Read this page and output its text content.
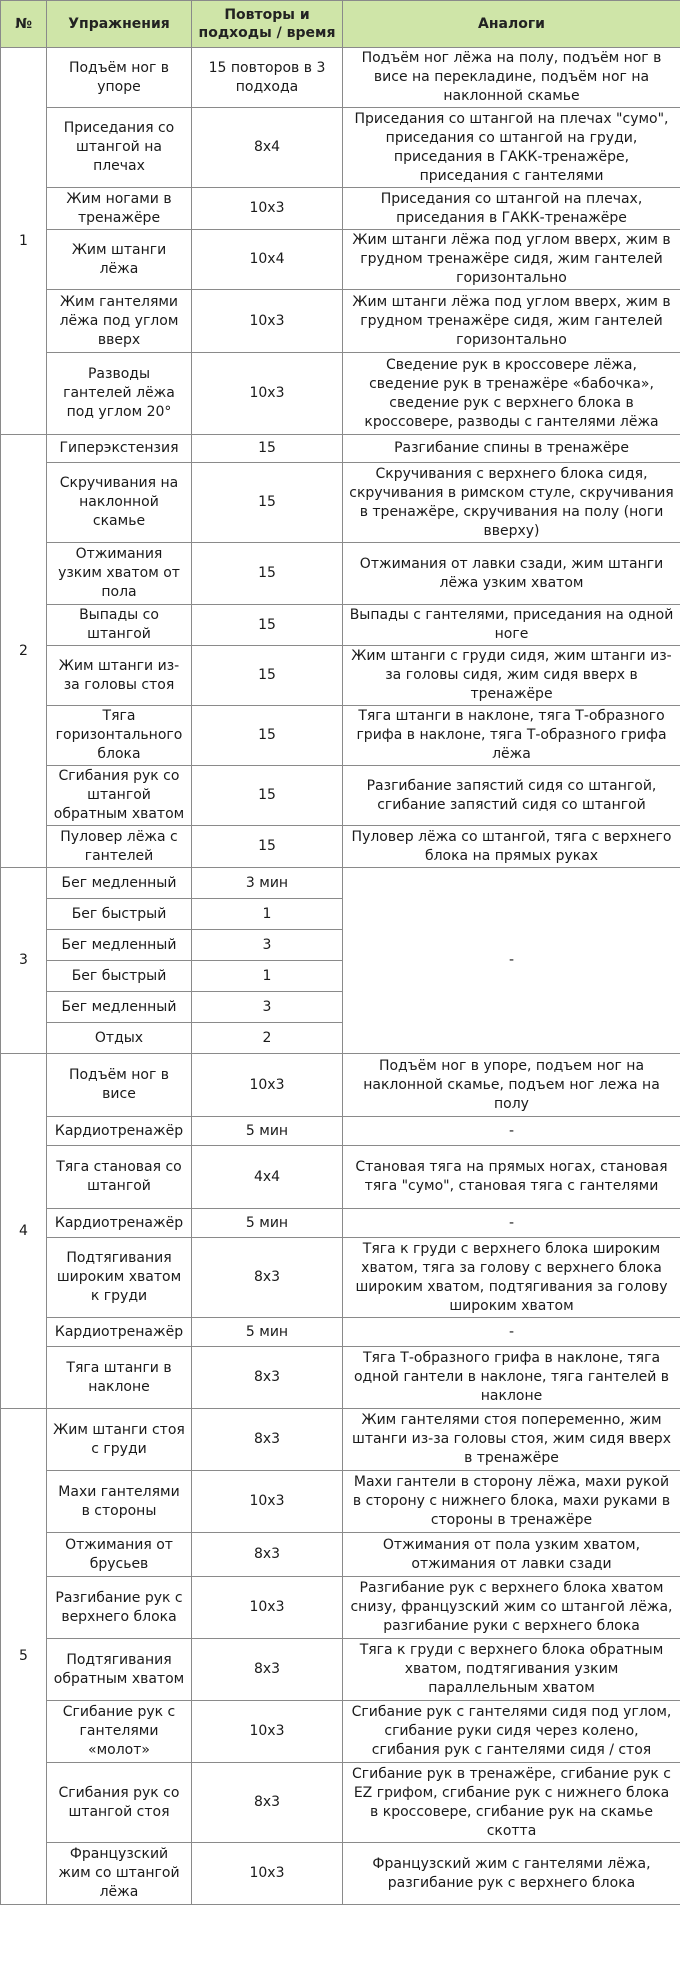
№	Упражнения	Повторы и подходы / время	Аналоги
1	Подъём ног в упоре	15 повторов в 3 подхода	Подъём ног лёжа на полу, подъём ног в висе на перекладине, подъём ног на наклонной скамье
	Приседания со штангой на плечах	8х4	Приседания со штангой на плечах "сумо", приседания со штангой на груди, приседания в ГАКК-тренажёре, приседания с гантелями
	Жим ногами в тренажёре	10х3	Приседания со штангой на плечах, приседания в ГАКК-тренажёре
	Жим штанги лёжа	10х4	Жим штанги лёжа под углом вверх, жим в грудном тренажёре сидя, жим гантелей горизонтально
	Жим гантелями лёжа под углом вверх	10х3	Жим штанги лёжа под углом вверх, жим в грудном тренажёре сидя, жим гантелей горизонтально
	Разводы гантелей лёжа под углом 20°	10х3	Сведение рук в кроссовере лёжа, сведение рук в тренажёре «бабочка», сведение рук с верхнего блока в кроссовере, разводы с гантелями лёжа
2	Гиперэкстензия	15	Разгибание спины в тренажёре
	Скручивания на наклонной скамье	15	Скручивания с верхнего блока сидя, скручивания в римском стуле, скручивания в тренажёре, скручивания на полу (ноги вверху)
	Отжимания узким хватом от пола	15	Отжимания от лавки сзади, жим штанги лёжа узким хватом
	Выпады со штангой	15	Выпады с гантелями, приседания на одной ноге
	Жим штанги из-за головы стоя	15	Жим штанги с груди сидя, жим штанги из-за головы сидя, жим сидя вверх в тренажёре
	Тяга горизонтального блока	15	Тяга штанги в наклоне, тяга Т-образного грифа в наклоне, тяга Т-образного грифа лёжа
	Сгибания рук со штангой обратным хватом	15	Разгибание запястий сидя со штангой, сгибание запястий сидя со штангой
	Пуловер лёжа с гантелей	15	Пуловер лёжа со штангой, тяга с верхнего блока на прямых руках
3	Бег медленный	3 мин	-
	Бег быстрый	1	
	Бег медленный	3	
	Бег быстрый	1	
	Бег медленный	3	
	Отдых	2	
4	Подъём ног в висе	10х3	Подъём ног в упоре, подъем ног на наклонной скамье, подъем ног лежа на полу
	Кардиотренажёр	5 мин	-
	Тяга становая со штангой	4х4	Становая тяга на прямых ногах, становая тяга "сумо", становая тяга с гантелями
	Кардиотренажёр	5 мин	-
	Подтягивания широким хватом к груди	8х3	Тяга к груди с верхнего блока широким хватом, тяга за голову с верхнего блока широким хватом, подтягивания за голову широким хватом
	Кардиотренажёр	5 мин	-
	Тяга штанги в наклоне	8х3	Тяга Т-образного грифа в наклоне, тяга одной гантели в наклоне, тяга гантелей в наклоне
5	Жим штанги стоя с груди	8х3	Жим гантелями стоя попеременно, жим штанги из-за головы стоя, жим сидя вверх в тренажёре
	Махи гантелями в стороны	10х3	Махи гантели в сторону лёжа, махи рукой в сторону с нижнего блока, махи руками в стороны в тренажёре
	Отжимания от брусьев	8х3	Отжимания от пола узким хватом, отжимания от лавки сзади
	Разгибание рук с верхнего блока	10х3	Разгибание рук с верхнего блока хватом снизу, французский жим со штангой лёжа, разгибание руки с верхнего блока
	Подтягивания обратным хватом	8х3	Тяга к груди с верхнего блока обратным хватом, подтягивания узким параллельным хватом
	Сгибание рук с гантелями «молот»	10х3	Сгибание рук с гантелями сидя под углом, сгибание руки сидя через колено, сгибания рук с гантелями сидя / стоя
	Сгибания рук со штангой стоя	8х3	Сгибание рук в тренажёре, сгибание рук с EZ грифом, сгибание рук с нижнего блока в кроссовере, сгибание рук на скамье скотта
	Французский жим со штангой лёжа	10х3	Французский жим с гантелями лёжа, разгибание рук с верхнего блока
